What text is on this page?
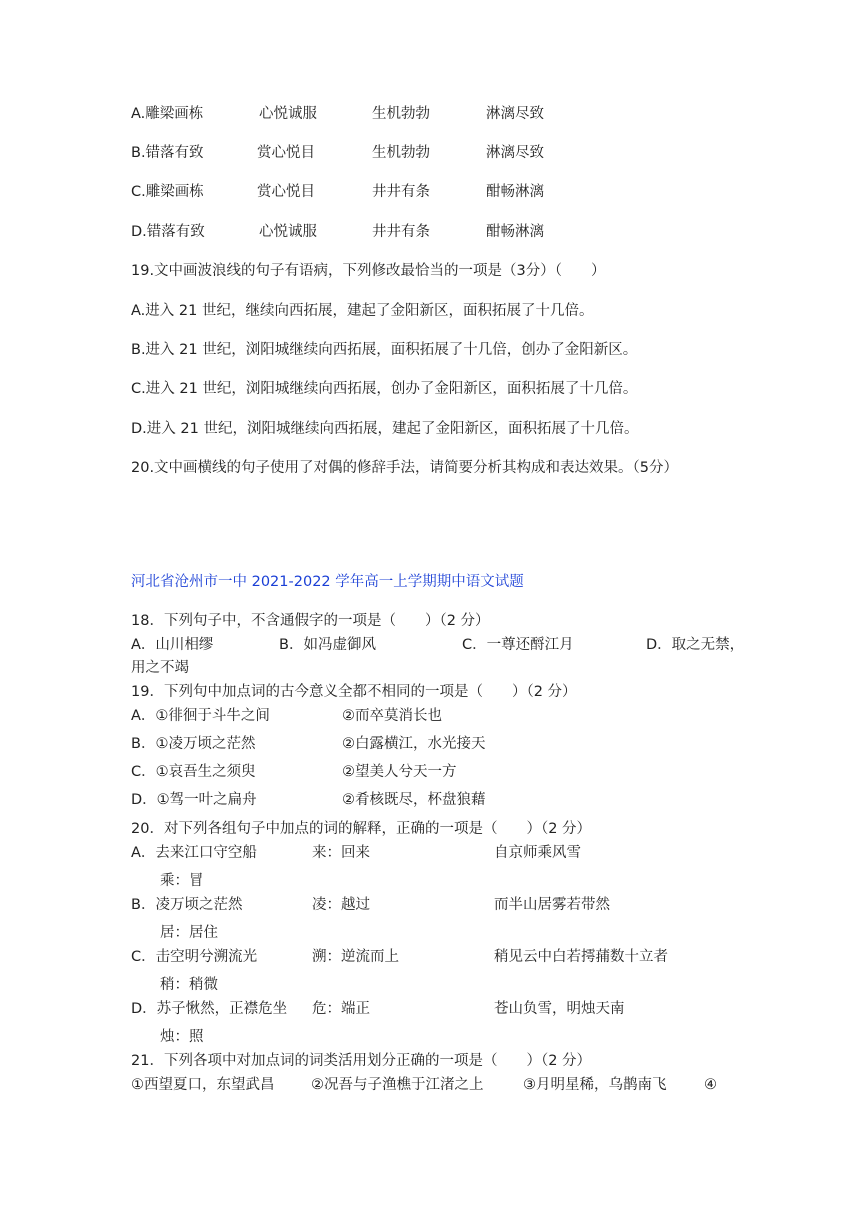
A.雕梁画栋	心悦诚服	生机勃勃	淋漓尽致
B.错落有致	赏心悦目	生机勃勃	淋漓尽致
C.雕梁画栋	赏心悦目	井井有条	酣畅淋漓
D.错落有致	心悦诚服	井井有条	酣畅淋漓
19.文中画波浪线的句子有语病，下列修改最恰当的一项是（3分）（　　）
A.进入 21 世纪，继续向西拓展，建起了金阳新区，面积拓展了十几倍。
B.进入 21 世纪，浏阳城继续向西拓展，面积拓展了十几倍，创办了金阳新区。
C.进入 21 世纪，浏阳城继续向西拓展，创办了金阳新区，面积拓展了十几倍。
D.进入 21 世纪，浏阳城继续向西拓展，建起了金阳新区，面积拓展了十几倍。
20.文中画横线的句子使用了对偶的修辞手法，请简要分析其构成和表达效果。（5分）
河北省沧州市一中 2021-2022 学年高一上学期期中语文试题
18．下列句子中，不含通假字的一项是（　　）（2 分）
A．山川相缪	B．如冯虚御风	C．一尊还酹江月	D．取之无禁，
用之不竭
19．下列句中加点词的古今意义全都不相同的一项是（　　）（2 分）
A．①徘徊于斗牛之间	②而卒莫消长也
B．①凌万顷之茫然	②白露横江，水光接天
C．①哀吾生之须臾	②望美人兮天一方
D．①驾一叶之扁舟	②肴核既尽，杯盘狼藉
20．对下列各组句子中加点的词的解释，正确的一项是（　　）（2 分）
A．去来江口守空船	来：回来	自京师乘风雪
乘：冒
B．凌万顷之茫然	凌：越过	而半山居雾若带然
居：居住
C．击空明兮溯流光	溯：逆流而上	稍见云中白若摴蒱数十立者
稍：稍微
D．苏子愀然，正襟危坐 危：端正	苍山负雪，明烛天南
烛：照
21．下列各项中对加点词的词类活用划分正确的一项是（　　）（2 分）
①西望夏口，东望武昌	②况吾与子渔樵于江渚之上	③月明星稀，乌鹊南飞	④
